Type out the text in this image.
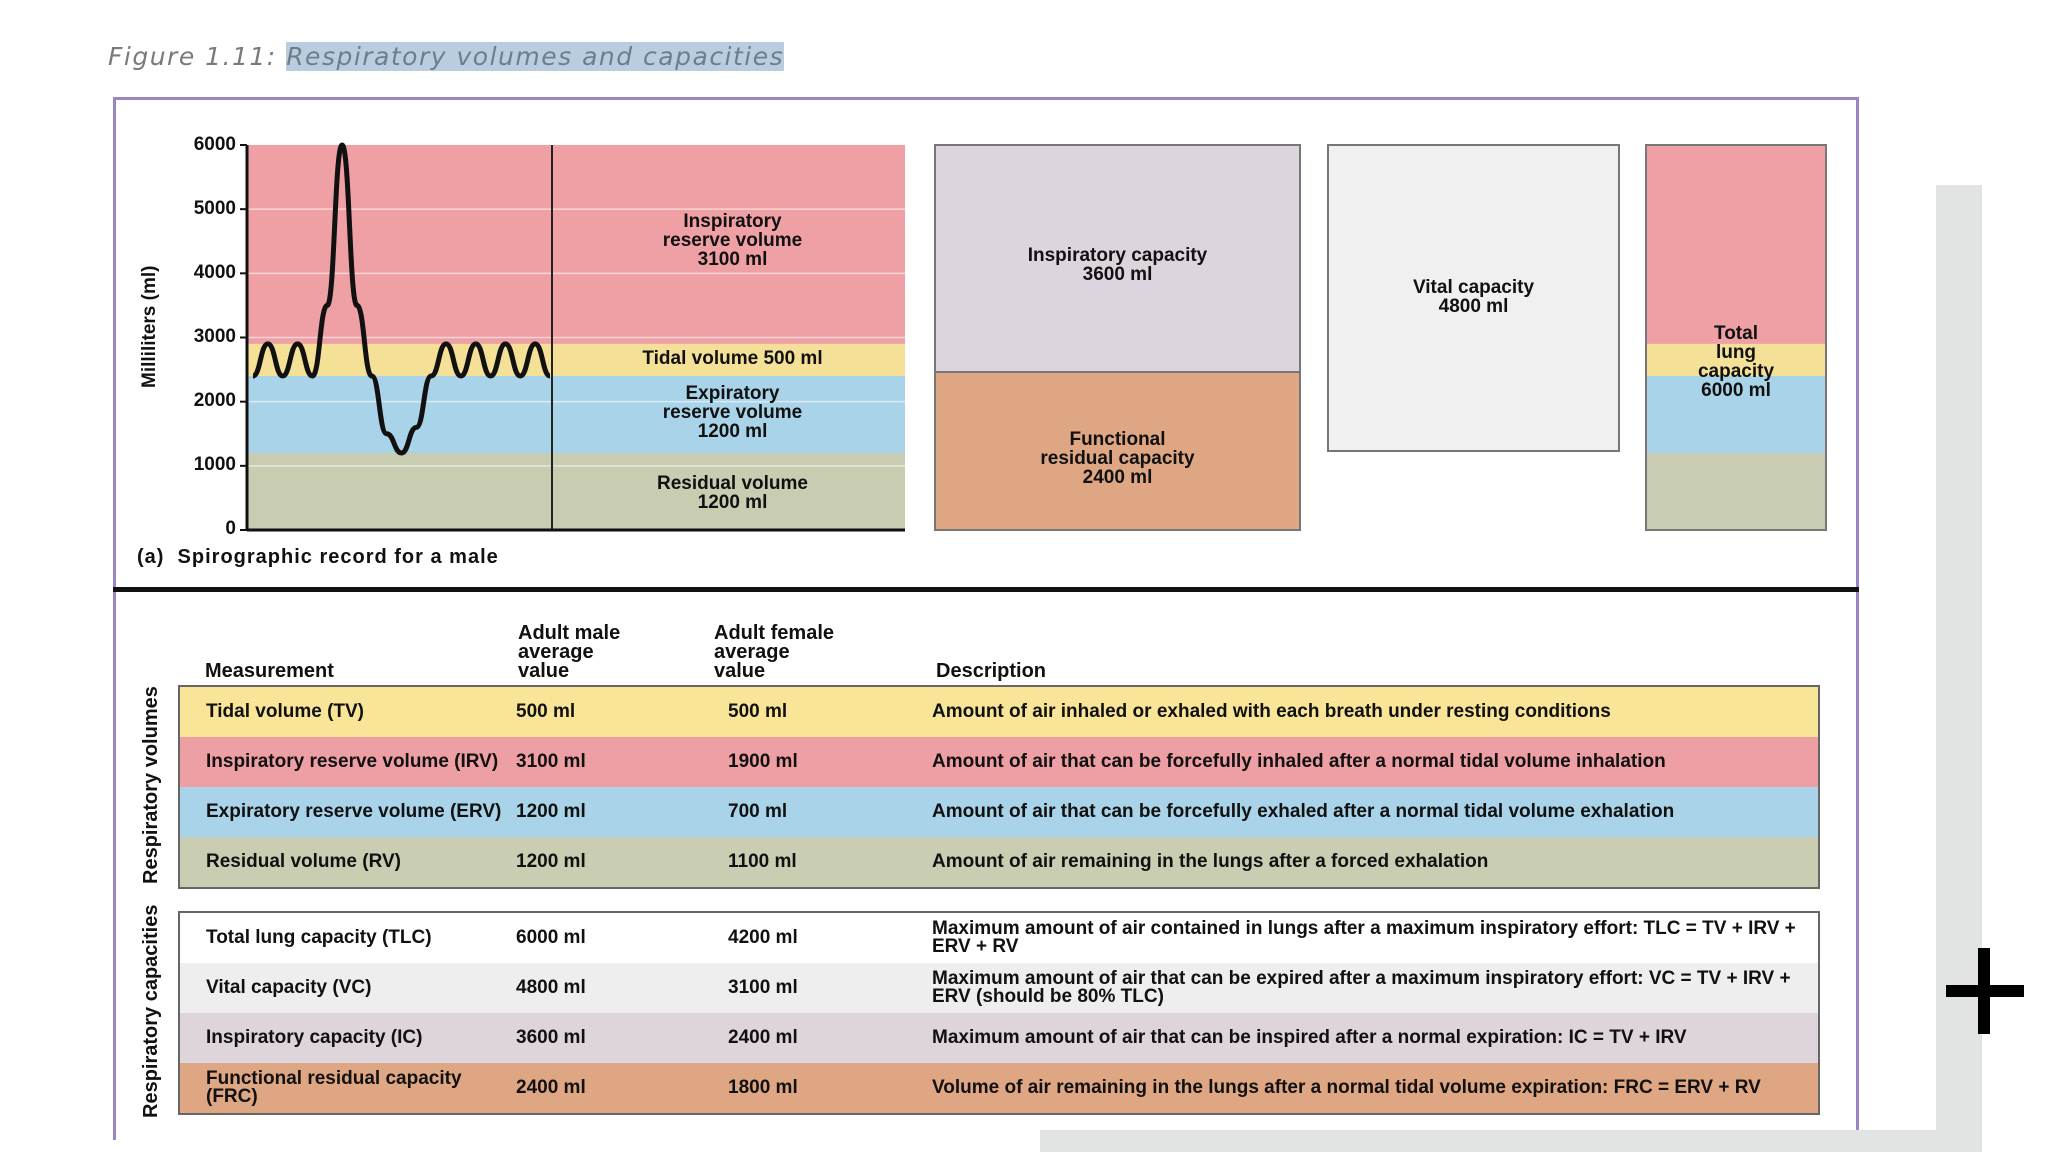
Figure 1.11: Respiratory volumes and capacities
Milliliters (ml)
6000
5000
4000
3000
2000
1000
0
Inspiratory
reserve volume
3100 ml
Tidal volume 500 ml
Expiratory
reserve volume
1200 ml
Residual volume
1200 ml
Inspiratory capacity
3600 ml
Functional
residual capacity
2400 ml
Vital capacity
4800 ml
Total
lung
capacity
6000 ml
(a)  Spirographic record for a male
Measurement
Adult male
average
value
Adult female
average
value	Description
Respiratory volumes
Respiratory capacities
Tidal volume (TV)	500 ml	500 ml	Amount of air inhaled or exhaled with each breath under resting conditions
Inspiratory reserve volume (IRV) 3100 ml	1900 ml	Amount of air that can be forcefully inhaled after a normal tidal volume inhalation
Expiratory reserve volume (ERV) 1200 ml	700 ml	Amount of air that can be forcefully exhaled after a normal tidal volume exhalation
Residual volume (RV)	1200 ml	1100 ml	Amount of air remaining in the lungs after a forced exhalation
Total lung capacity (TLC)	6000 ml	4200 ml	Maximum amount of air contained in lungs after a maximum inspiratory effort: TLC = TV + IRV + ERV + RV
Vital capacity (VC)	4800 ml	3100 ml	Maximum amount of air that can be expired after a maximum inspiratory effort: VC = TV + IRV + ERV (should be 80% TLC)
Inspiratory capacity (IC)	3600 ml	2400 ml	Maximum amount of air that can be inspired after a normal expiration: IC = TV + IRV
Functional residual capacity (FRC)	2400 ml	1800 ml	Volume of air remaining in the lungs after a normal tidal volume expiration: FRC = ERV + RV
